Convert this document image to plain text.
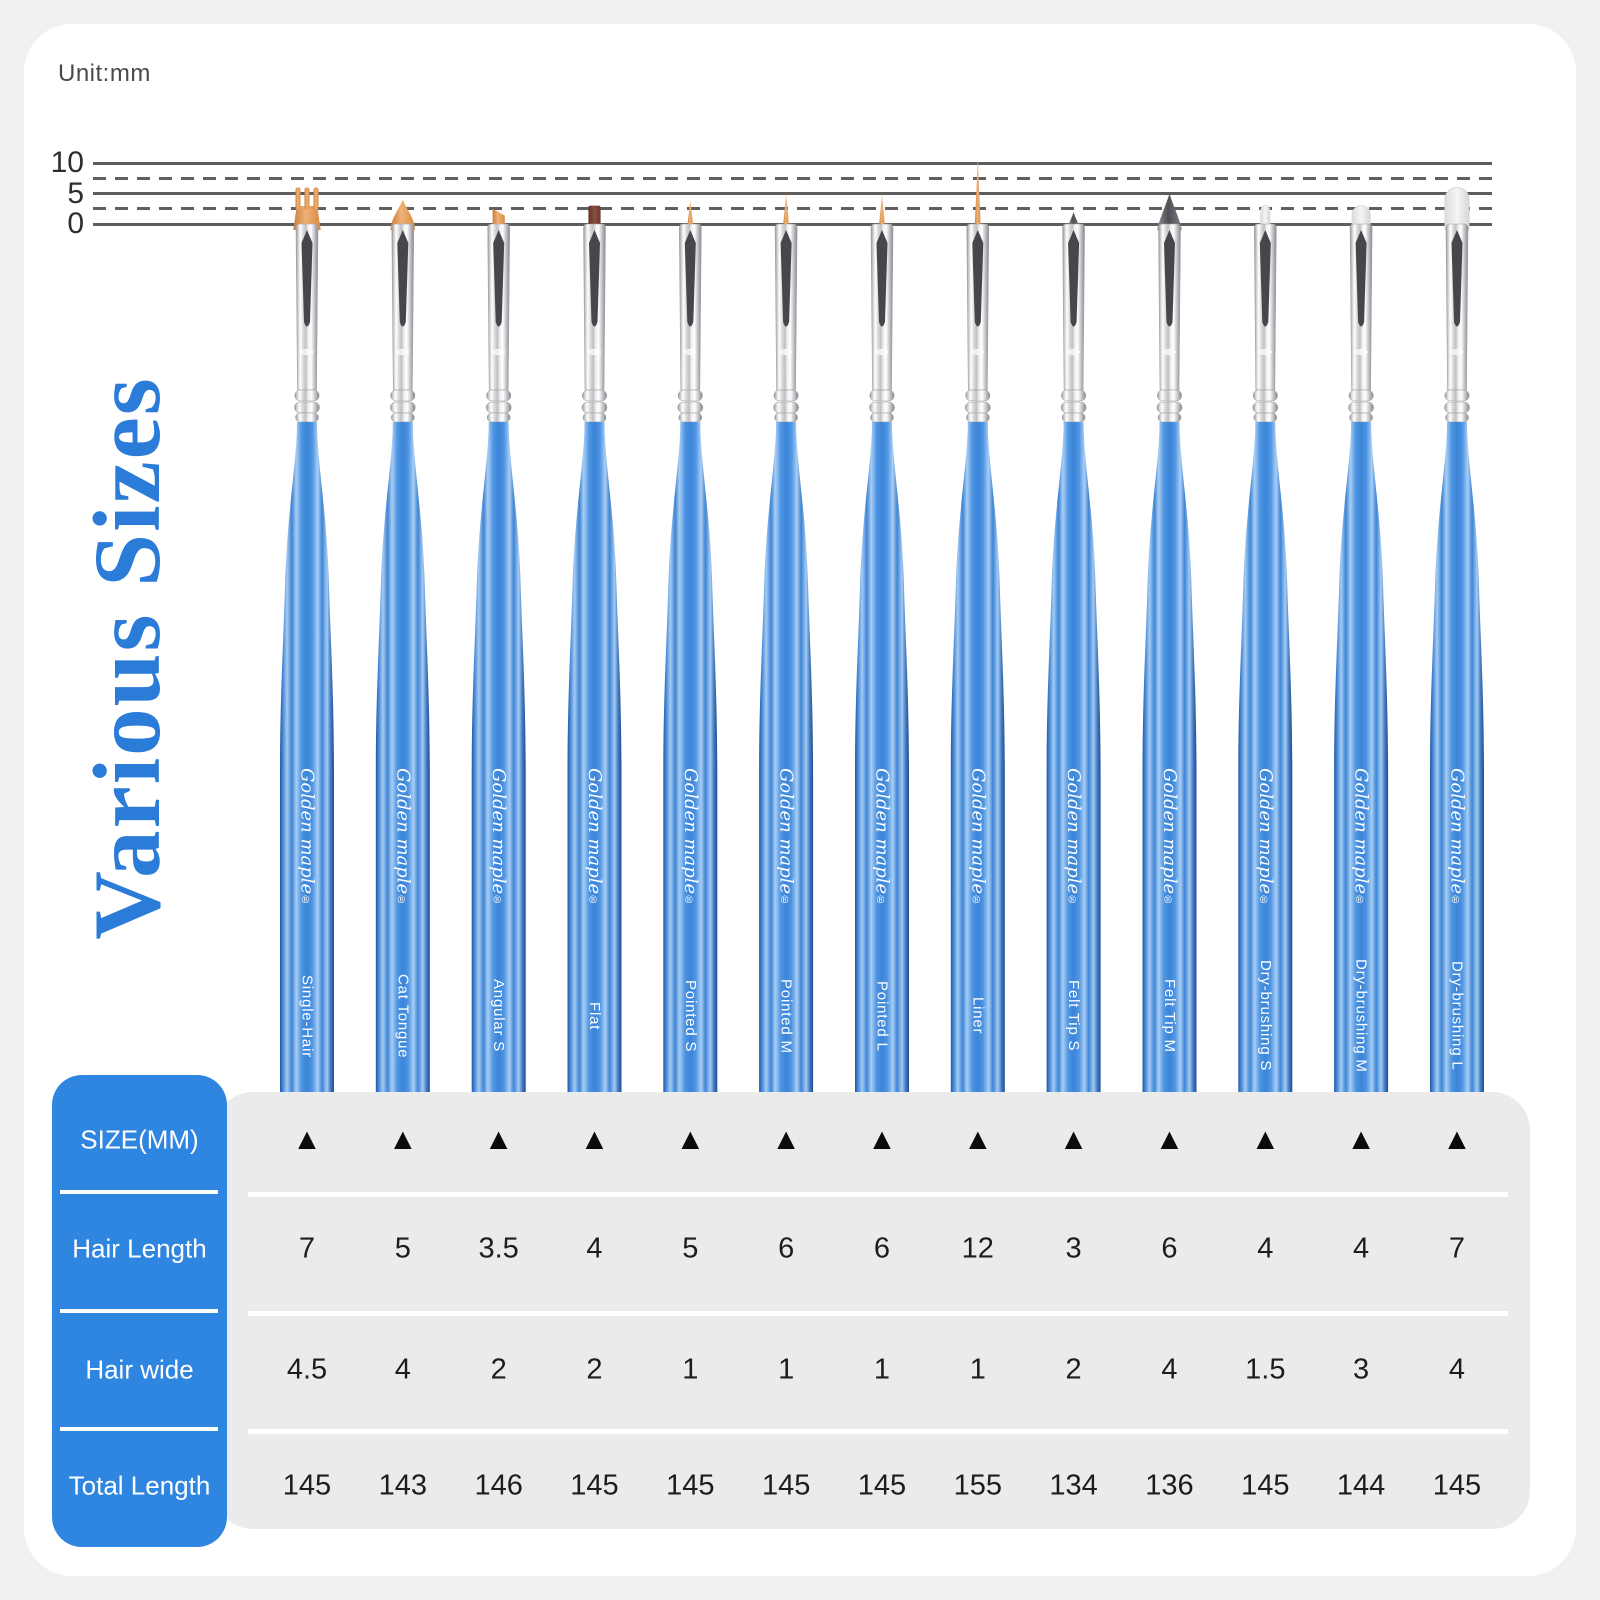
Unit:mm
10
5
0
Various Sizes	Golden maple
®
Single-Hair
Golden maple
®
Cat Tongue
Golden maple
®
Angular S
Golden maple
®
Flat
Golden maple
®
Pointed S
Golden maple
®
Pointed M
Golden maple
®
Pointed L
Golden maple
®
Liner
Golden maple
®
Felt Tip S
Golden maple
®
Felt Tip M
Golden maple
®
Dry-brushing S
Golden maple
®
Dry-brushing M
Golden maple
®
Dry-brushing L
SIZE(MM)
Hair Length
Hair wide
Total Length
▲
7
4.5
145
▲
5
4
143
▲
3.5
2
146
▲
4
2
145
▲
5
1
145
▲
6
1
145
▲
6
1
145
▲
12
1
155
▲
3
2
134
▲
6
4
136
▲
4
1.5
145
▲
4
3
144
▲
7
4
145
